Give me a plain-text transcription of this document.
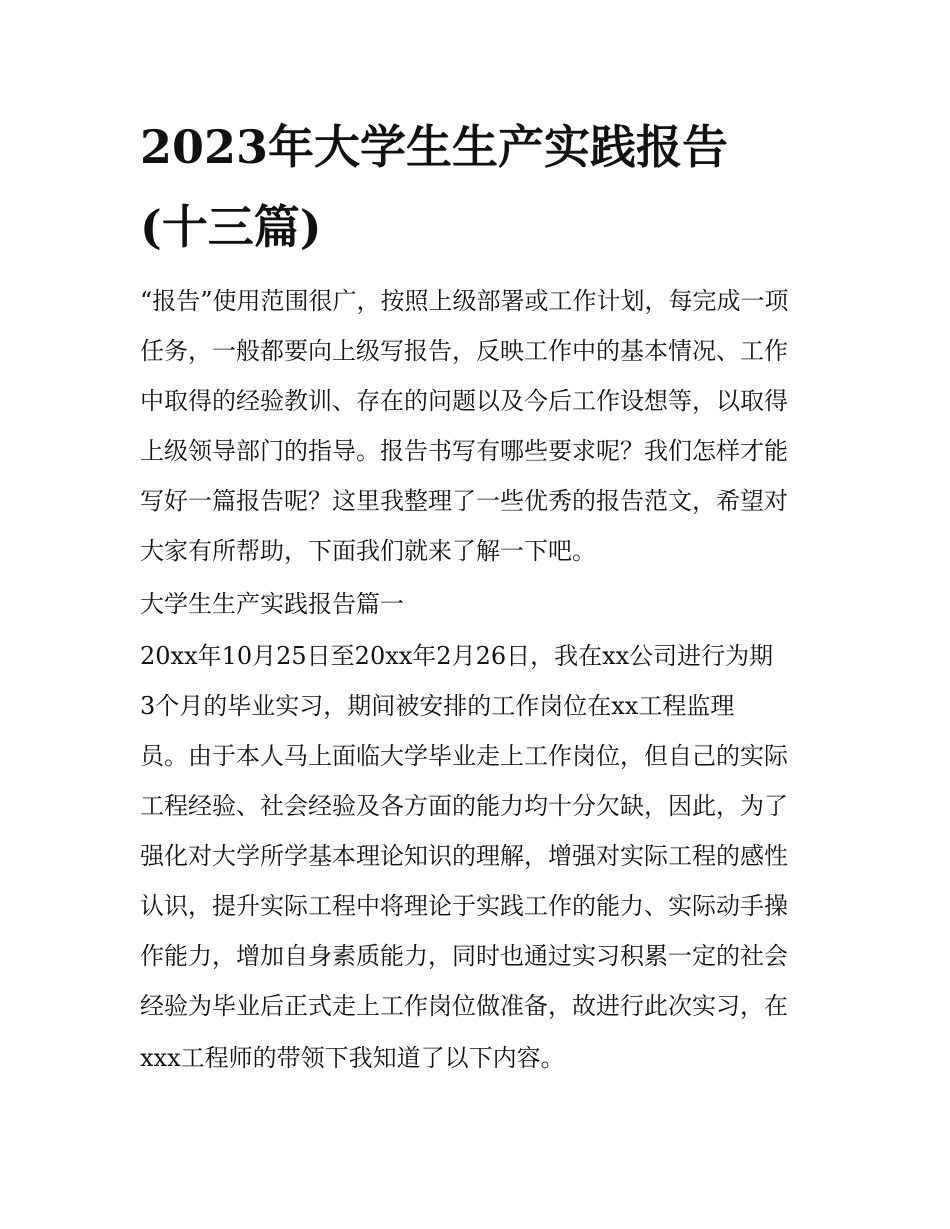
2023年大学生生产实践报告
(十三篇)
“报告”使用范围很广，按照上级部署或工作计划，每完成一项
任务，一般都要向上级写报告，反映工作中的基本情况、工作
中取得的经验教训、存在的问题以及今后工作设想等，以取得
上级领导部门的指导。报告书写有哪些要求呢？我们怎样才能
写好一篇报告呢？这里我整理了一些优秀的报告范文，希望对
大家有所帮助，下面我们就来了解一下吧。
大学生生产实践报告篇一
20xx年10月25日至20xx年2月26日，我在xx公司进行为期
3个月的毕业实习，期间被安排的工作岗位在xx工程监理
员。由于本人马上面临大学毕业走上工作岗位，但自己的实际
工程经验、社会经验及各方面的能力均十分欠缺，因此，为了
强化对大学所学基本理论知识的理解，增强对实际工程的感性
认识，提升实际工程中将理论于实践工作的能力、实际动手操
作能力，增加自身素质能力，同时也通过实习积累一定的社会
经验为毕业后正式走上工作岗位做准备，故进行此次实习，在
xxx工程师的带领下我知道了以下内容。
